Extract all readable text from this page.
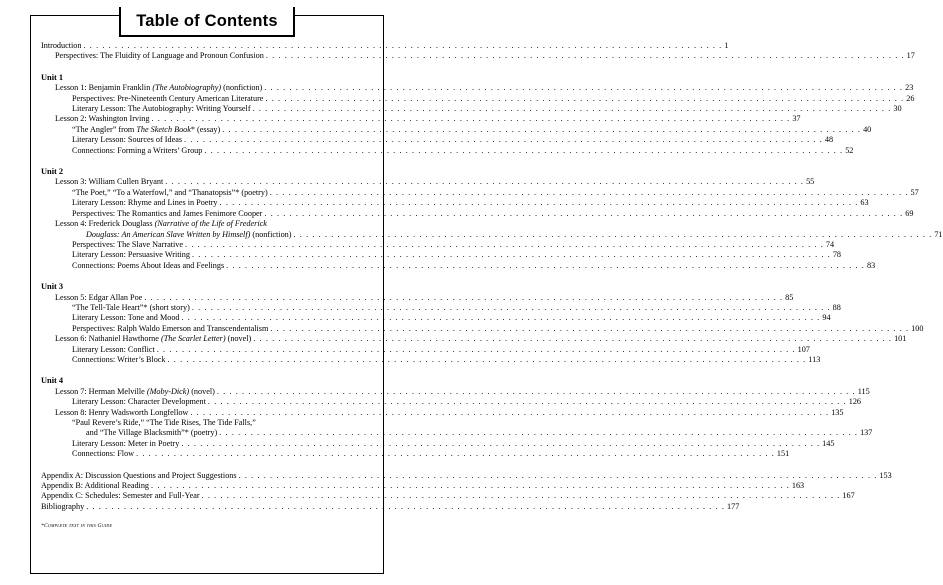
Table of Contents
Introduction . . .	1
Perspectives: The Fluidity of Language and Pronoun Confusion . . .	17
Unit 1
Lesson 1: Benjamin Franklin (The Autobiography) (nonfiction) . . .	23
Perspectives: Pre-Nineteenth Century American Literature . . .	26
Literary Lesson: The Autobiography: Writing Yourself . . .	30
Lesson 2: Washington Irving . . .	37
“The Angler” from The Sketch Book* (essay) . . .	40
Literary Lesson: Sources of Ideas . . .	48
Connections: Forming a Writers’ Group . . .	52
Unit 2
Lesson 3: William Cullen Bryant . . .	55
“The Poet,” “To a Waterfowl,” and “Thanatopsis”* (poetry) . . .	57
Literary Lesson: Rhyme and Lines in Poetry . . .	63
Perspectives: The Romantics and James Fenimore Cooper . . .	69
Lesson 4: Frederick Douglass (Narrative of the Life of Frederick
Douglass: An American Slave Written by Himself) (nonfiction) . . .	71
Perspectives: The Slave Narrative . . .	74
Literary Lesson: Persuasive Writing . . .	78
Connections: Poems About Ideas and Feelings . . .	83
Unit 3
Lesson 5: Edgar Allan Poe . . .	85
“The Tell-Tale Heart”* (short story) . . .	88
Literary Lesson: Tone and Mood . . .	94
Perspectives: Ralph Waldo Emerson and Transcendentalism . . .	100
Lesson 6: Nathaniel Hawthorne (The Scarlet Letter) (novel) . . .	101
Literary Lesson: Conflict . . .	107
Connections: Writer’s Block . . .	113
Unit 4
Lesson 7: Herman Melville (Moby-Dick) (novel) . . .	115
Literary Lesson: Character Development . . .	126
Lesson 8: Henry Wadsworth Longfellow . . .	135
“Paul Revere’s Ride,” “The Tide Rises, The Tide Falls,”
and “The Village Blacksmith”* (poetry) . . .	137
Literary Lesson: Meter in Poetry . . .	145
Connections: Flow . . .	151
Appendix A: Discussion Questions and Project Suggestions . . .	153
Appendix B: Additional Reading . . .	163
Appendix C: Schedules: Semester and Full-Year . . .	167
Bibliography . . .	177
*Complete text in this Guide
